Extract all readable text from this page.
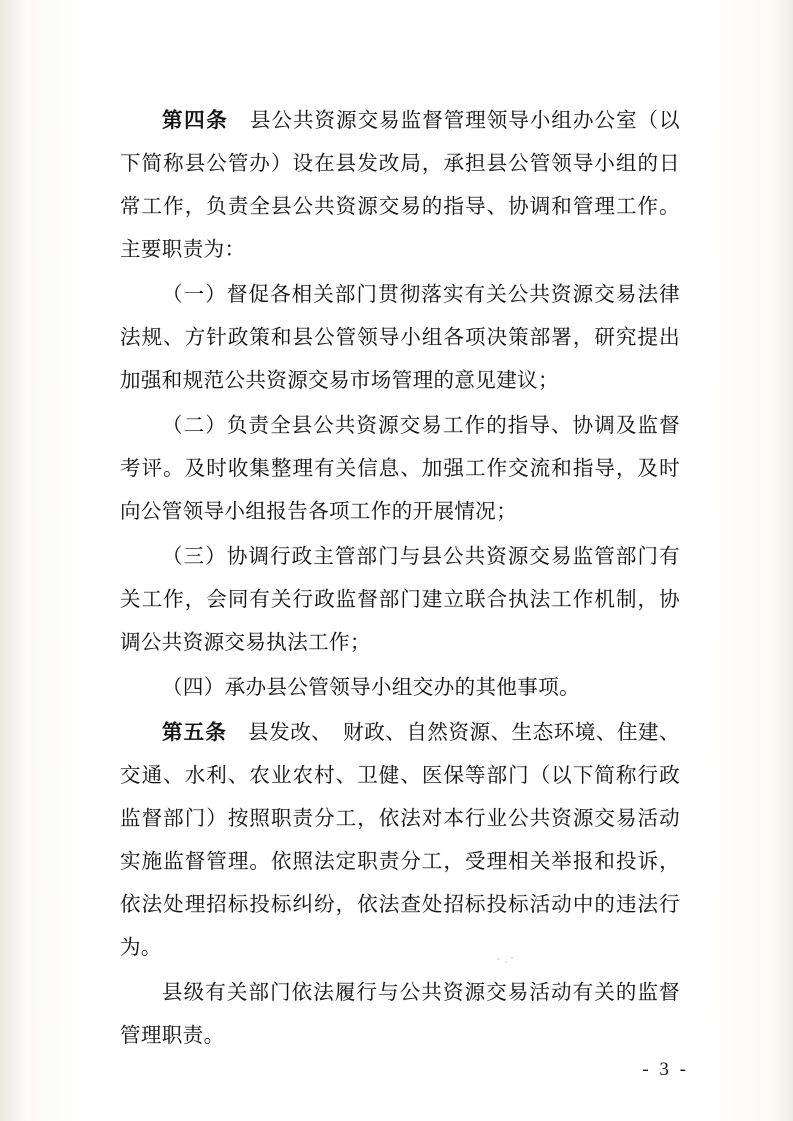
第四条　县公共资源交易监督管理领导小组办公室（以下简称县公管办）设在县发改局，承担县公管领导小组的日常工作，负责全县公共资源交易的指导、协调和管理工作。主要职责为：

（一）督促各相关部门贯彻落实有关公共资源交易法律法规、方针政策和县公管领导小组各项决策部署，研究提出加强和规范公共资源交易市场管理的意见建议；

（二）负责全县公共资源交易工作的指导、协调及监督考评。及时收集整理有关信息、加强工作交流和指导，及时向公管领导小组报告各项工作的开展情况；

（三）协调行政主管部门与县公共资源交易监管部门有关工作，会同有关行政监督部门建立联合执法工作机制，协调公共资源交易执法工作；

（四）承办县公管领导小组交办的其他事项。

第五条　县发改、　财政、自然资源、生态环境、住建、交通、水利、农业农村、卫健、医保等部门（以下简称行政监督部门）按照职责分工，依法对本行业公共资源交易活动实施监督管理。依照法定职责分工，受理相关举报和投诉，依法处理招标投标纠纷，依法查处招标投标活动中的违法行为。

县级有关部门依法履行与公共资源交易活动有关的监督管理职责。

- 3 -
